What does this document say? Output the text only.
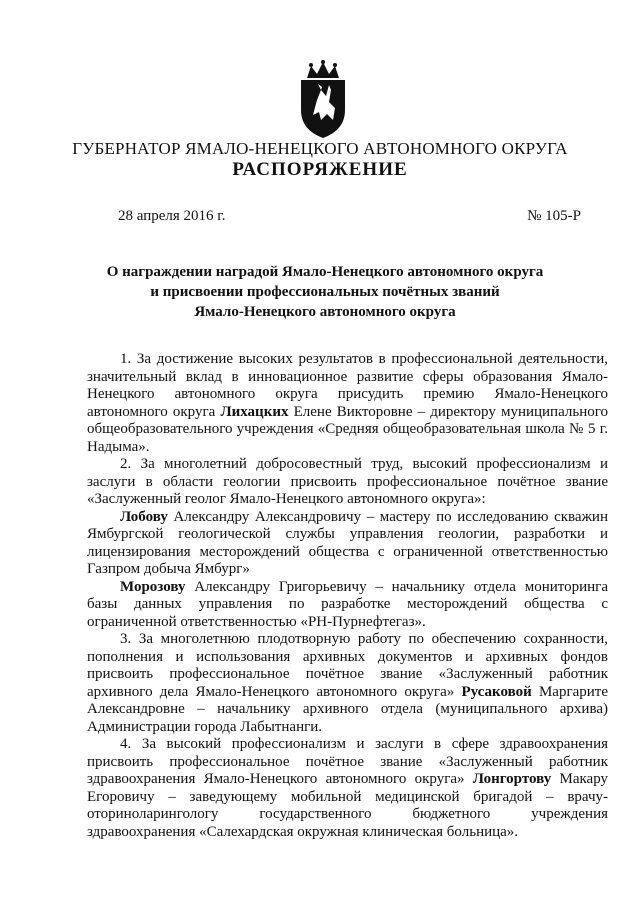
ГУБЕРНАТОР ЯМАЛО-НЕНЕЦКОГО АВТОНОМНОГО ОКРУГА
РАСПОРЯЖЕНИЕ
28 апреля 2016 г.	№ 105-Р
О награждении наградой Ямало-Ненецкого автономного округа
и присвоении профессиональных почётных званий
Ямало-Ненецкого автономного округа

1. За достижение высоких результатов в профессиональной деятельности, значительный вклад в инновационное развитие сферы образования Ямало-Ненецкого автономного округа присудить премию Ямало-Ненецкого автономного округа Лихацких Елене Викторовне – директору муниципального общеобразовательного учреждения «Средняя общеобразовательная школа № 5 г. Надыма».

2. За многолетний добросовестный труд, высокий профессионализм и заслуги в области геологии присвоить профессиональное почётное звание «Заслуженный геолог Ямало-Ненецкого автономного округа»:

Лобову Александру Александровичу – мастеру по исследованию скважин Ямбургской геологической службы управления геологии, разработки и лицензирования месторождений общества с ограниченной ответственностью Газпром добыча Ямбург»

Морозову Александру Григорьевичу – начальнику отдела мониторинга базы данных управления по разработке месторождений общества с ограниченной ответственностью «РН-Пурнефтегаз».

3. За многолетнюю плодотворную работу по обеспечению сохранности, пополнения и использования архивных документов и архивных фондов присвоить профессиональное почётное звание «Заслуженный работник архивного дела Ямало-Ненецкого автономного округа» Русаковой Маргарите Александровне – начальнику архивного отдела (муниципального архива) Администрации города Лабытнанги.

4. За высокий профессионализм и заслуги в сфере здравоохранения присвоить профессиональное почётное звание «Заслуженный работник здравоохранения Ямало-Ненецкого автономного округа» Лонгортову Макару Егоровичу – заведующему мобильной медицинской бригадой – врачу-оториноларингологу государственного бюджетного учреждения здравоохранения «Салехардская окружная клиническая больница».
